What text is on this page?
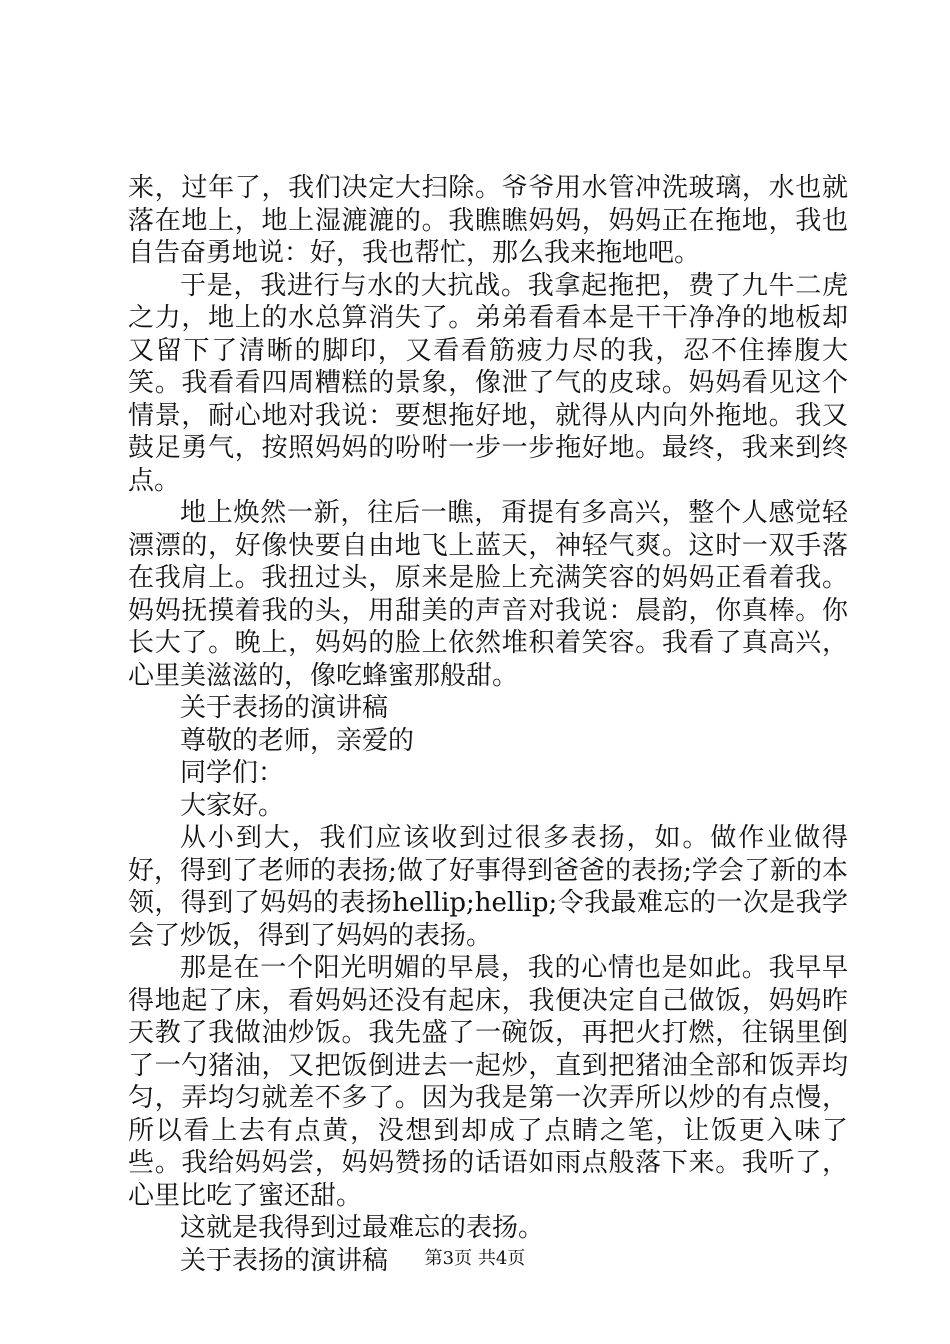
来，过年了，我们决定大扫除。爷爷用水管冲洗玻璃，水也就落在地上，地上湿漉漉的。我瞧瞧妈妈，妈妈正在拖地，我也自告奋勇地说：好，我也帮忙，那么我来拖地吧。

于是，我进行与水的大抗战。我拿起拖把，费了九牛二虎之力，地上的水总算消失了。弟弟看看本是干干净净的地板却又留下了清晰的脚印，又看看筋疲力尽的我，忍不住捧腹大笑。我看看四周糟糕的景象，像泄了气的皮球。妈妈看见这个情景，耐心地对我说：要想拖好地，就得从内向外拖地。我又鼓足勇气，按照妈妈的吩咐一步一步拖好地。最终，我来到终点。

地上焕然一新，往后一瞧，甭提有多高兴，整个人感觉轻漂漂的，好像快要自由地飞上蓝天，神轻气爽。这时一双手落在我肩上。我扭过头，原来是脸上充满笑容的妈妈正看着我。妈妈抚摸着我的头，用甜美的声音对我说：晨韵，你真棒。你长大了。晚上，妈妈的脸上依然堆积着笑容。我看了真高兴，心里美滋滋的，像吃蜂蜜那般甜。

关于表扬的演讲稿

尊敬的老师，亲爱的

同学们：

大家好。

从小到大，我们应该收到过很多表扬，如。做作业做得好，得到了老师的表扬;做了好事得到爸爸的表扬;学会了新的本领，得到了妈妈的表扬hellip;hellip;令我最难忘的一次是我学会了炒饭，得到了妈妈的表扬。

那是在一个阳光明媚的早晨，我的心情也是如此。我早早得地起了床，看妈妈还没有起床，我便决定自己做饭，妈妈昨天教了我做油炒饭。我先盛了一碗饭，再把火打燃，往锅里倒了一勺猪油，又把饭倒进去一起炒，直到把猪油全部和饭弄均匀，弄均匀就差不多了。因为我是第一次弄所以炒的有点慢，所以看上去有点黄，没想到却成了点睛之笔，让饭更入味了些。我给妈妈尝，妈妈赞扬的话语如雨点般落下来。我听了，心里比吃了蜜还甜。

这就是我得到过最难忘的表扬。

关于表扬的演讲稿	第3页 共4页
